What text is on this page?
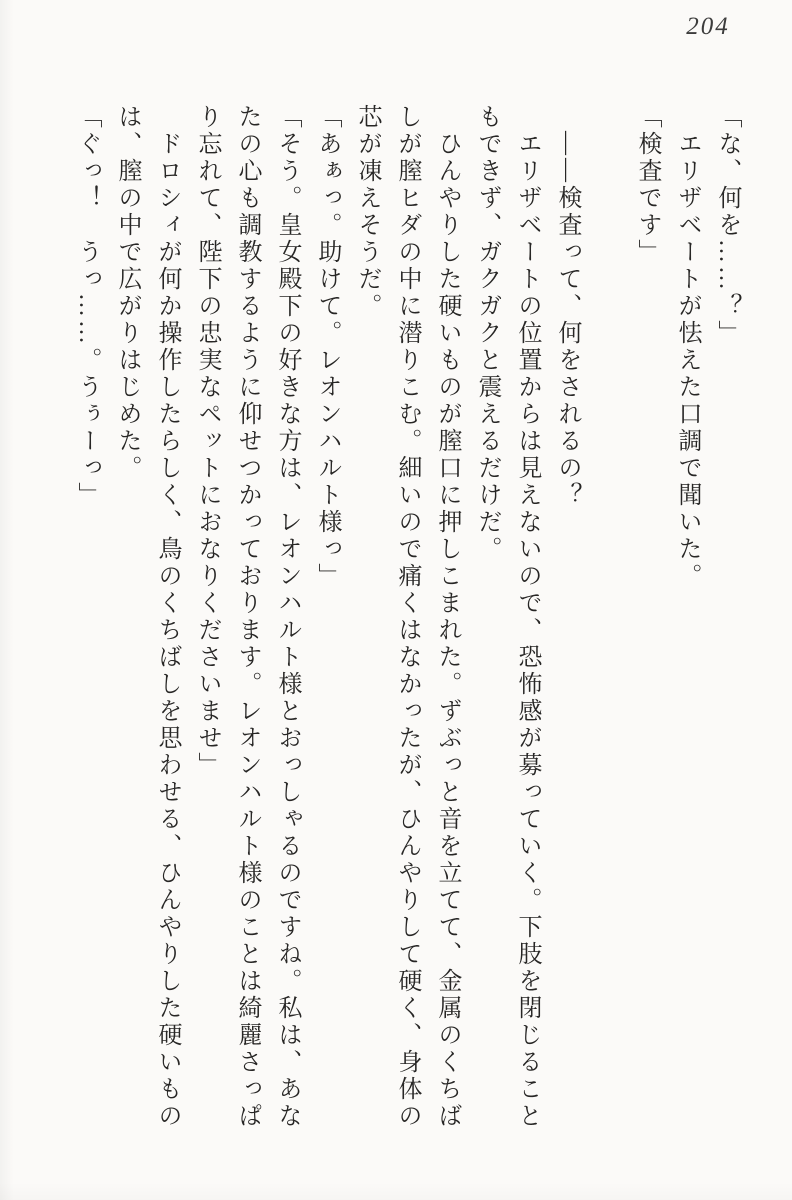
204

「な、何を……？」

エリザベートが怯えた口調で聞いた。

「検査です」

――検査って、何をされるの？

エリザベートの位置からは見えないので、恐怖感が募っていく。下肢を閉じることもできず、ガクガクと震えるだけだ。

ひんやりした硬いものが膣口に押しこまれた。ずぶっと音を立てて、金属のくちばしが膣ヒダの中に潜りこむ。細いので痛くはなかったが、ひんやりして硬く、身体の芯が凍えそうだ。

「あぁっ。助けて。レオンハルト様っ」

「そう。皇女殿下の好きな方は、レオンハルト様とおっしゃるのですね。私は、あなたの心も調教するように仰せつかっております。レオンハルト様のことは綺麗さっぱり忘れて、陛下の忠実なペットにおなりくださいませ」

ドロシィが何か操作したらしく、鳥のくちばしを思わせる、ひんやりした硬いものは、膣の中で広がりはじめた。

「ぐっ！　うっ……。うぅーっ」
